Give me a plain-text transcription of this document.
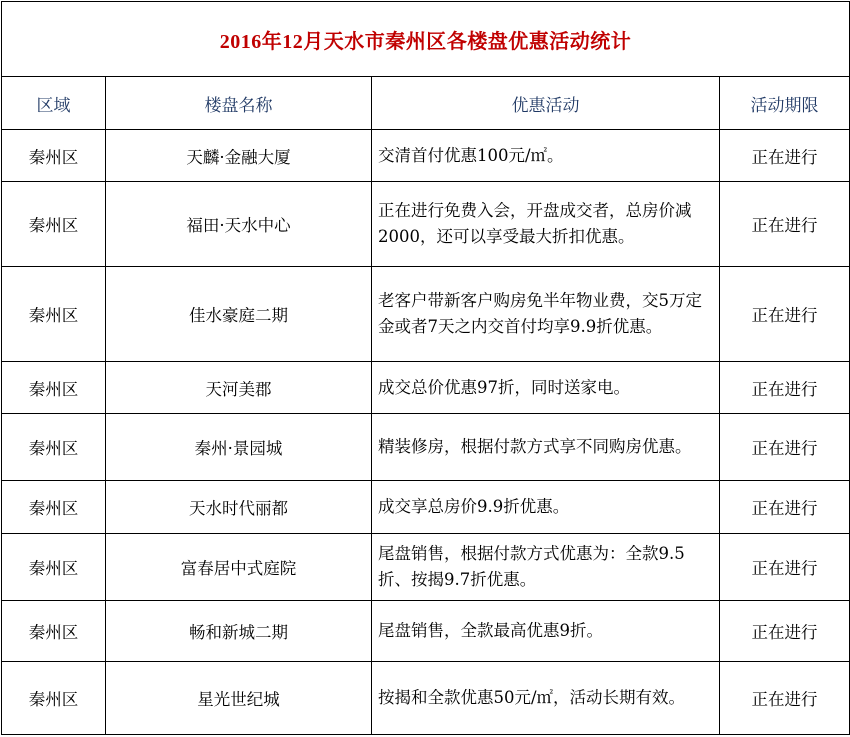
2016年12月天水市秦州区各楼盘优惠活动统计			
区域	楼盘名称	优惠活动	活动期限
秦州区	天麟·金融大厦	交清首付优惠100元/㎡。	正在进行
秦州区	福田·天水中心	正在进行免费入会，开盘成交者，总房价减2000，还可以享受最大折扣优惠。	正在进行
秦州区	佳水豪庭二期	老客户带新客户购房免半年物业费，交5万定金或者7天之内交首付均享9.9折优惠。	正在进行
秦州区	天河美郡	成交总价优惠97折，同时送家电。	正在进行
秦州区	秦州·景园城	精装修房，根据付款方式享不同购房优惠。	正在进行
秦州区	天水时代丽都	成交享总房价9.9折优惠。	正在进行
秦州区	富春居中式庭院	尾盘销售，根据付款方式优惠为：全款9.5折、按揭9.7折优惠。	正在进行
秦州区	畅和新城二期	尾盘销售，全款最高优惠9折。	正在进行
秦州区	星光世纪城	按揭和全款优惠50元/㎡，活动长期有效。	正在进行
